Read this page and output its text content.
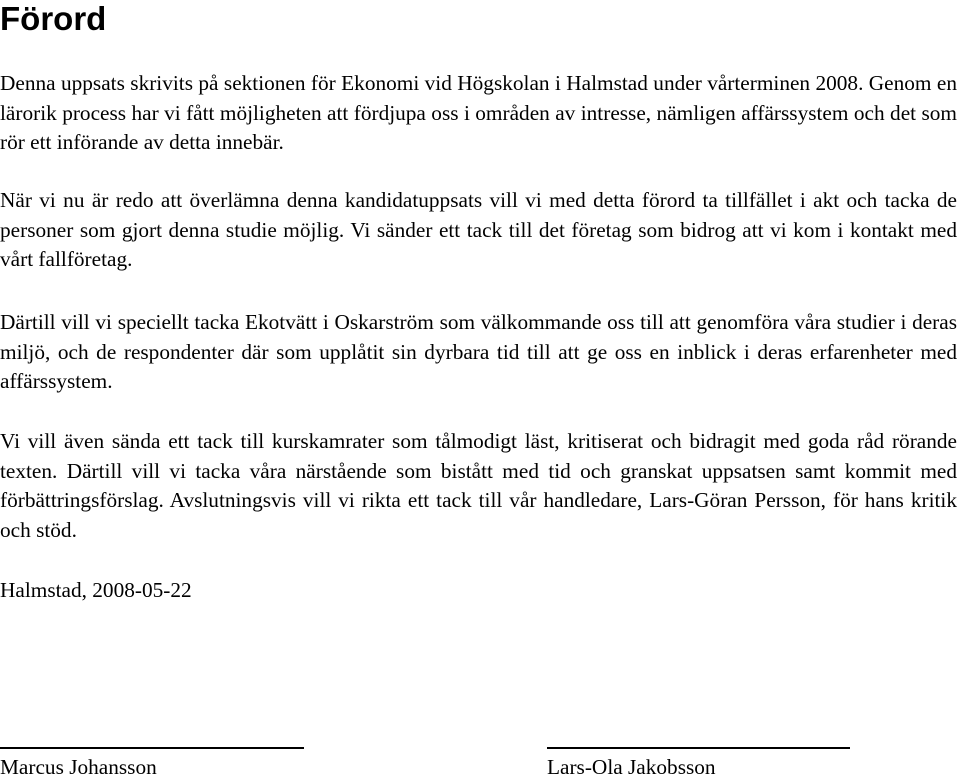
Förord

Denna uppsats skrivits på sektionen för Ekonomi vid Högskolan i Halmstad under vårterminen 2008. Genom en lärorik process har vi fått möjligheten att fördjupa oss i områden av intresse, nämligen affärssystem och det som rör ett införande av detta innebär.

När vi nu är redo att överlämna denna kandidatuppsats vill vi med detta förord ta tillfället i akt och tacka de personer som gjort denna studie möjlig. Vi sänder ett tack till det företag som bidrog att vi kom i kontakt med vårt fallföretag.

Därtill vill vi speciellt tacka Ekotvätt i Oskarström som välkommande oss till att genomföra våra studier i deras miljö, och de respondenter där som upplåtit sin dyrbara tid till att ge oss en inblick i deras erfarenheter med affärssystem.

Vi vill även sända ett tack till kurskamrater som tålmodigt läst, kritiserat och bidragit med goda råd rörande texten. Därtill vill vi tacka våra närstående som bistått med tid och granskat uppsatsen samt kommit med förbättringsförslag. Avslutningsvis vill vi rikta ett tack till vår handledare, Lars-Göran Persson, för hans kritik och stöd.

Halmstad, 2008-05-22

Marcus Johansson	Lars-Ola Jakobsson
